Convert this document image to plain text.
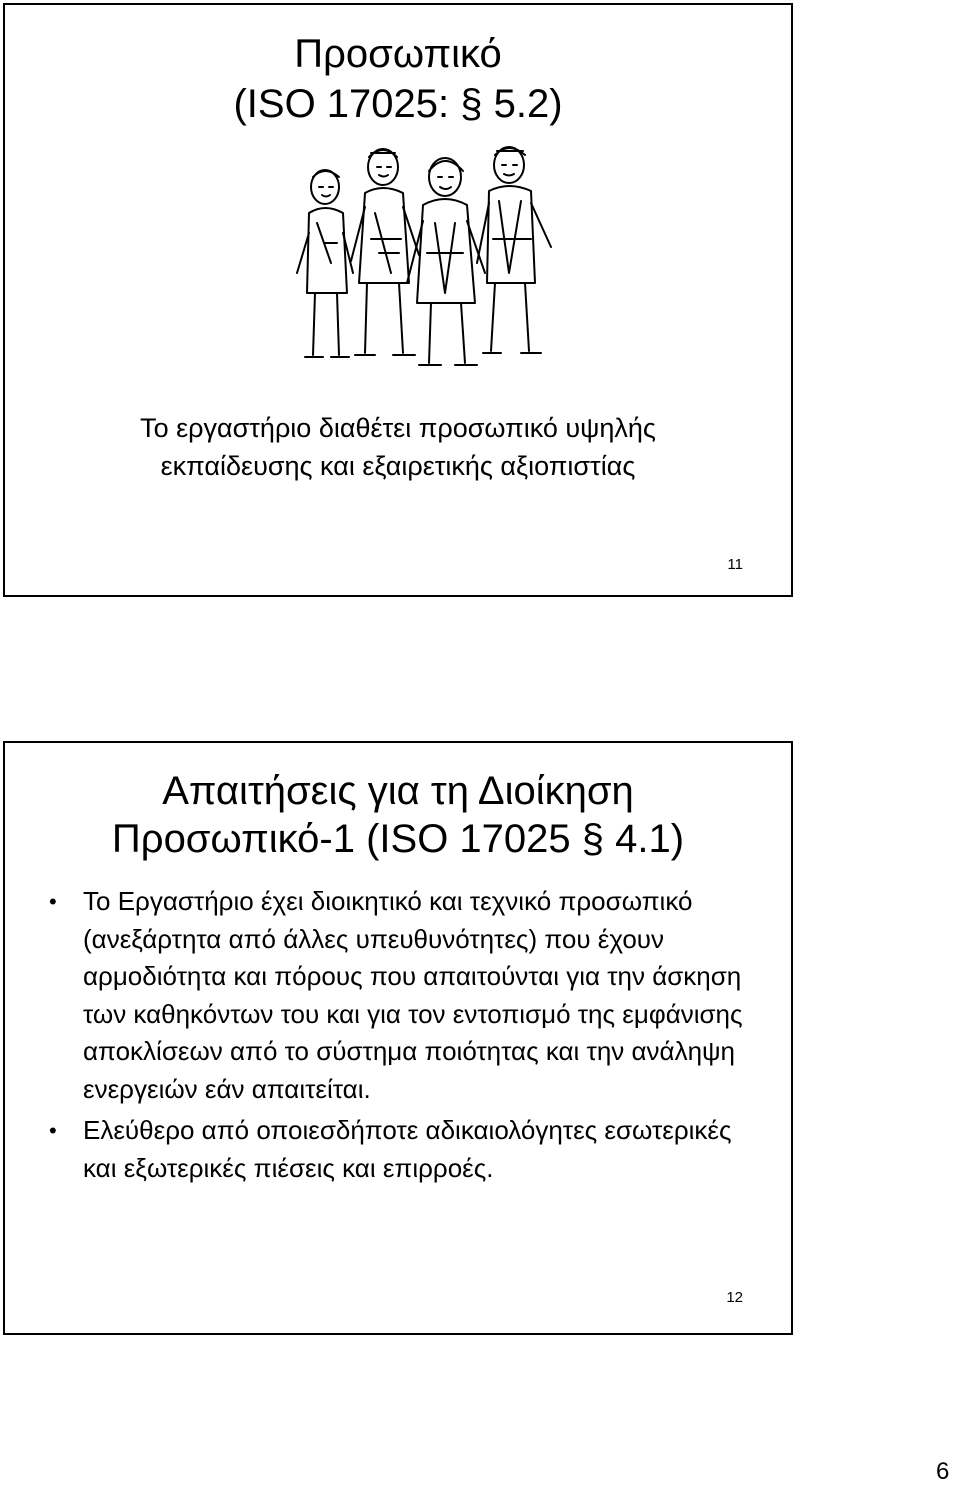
Προσωπικό
(ISO 17025: § 5.2)
Το εργαστήριο διαθέτει προσωπικό υψηλής
εκπαίδευσης και εξαιρετικής αξιοπιστίας
11
Απαιτήσεις για τη Διοίκηση
Προσωπικό-1 (ISO 17025 § 4.1)
• Το Εργαστήριο έχει διοικητικό και τεχνικό προσωπικό (ανεξάρτητα από άλλες υπευθυνότητες) που έχουν αρμοδιότητα και πόρους που απαιτούνται για την άσκηση των καθηκόντων του και για τον εντοπισμό της εμφάνισης αποκλίσεων από το σύστημα ποιότητας και την ανάληψη ενεργειών εάν απαιτείται.
• Ελεύθερο από οποιεσδήποτε αδικαιολόγητες εσωτερικές και εξωτερικές πιέσεις και επιρροές.
12
6
